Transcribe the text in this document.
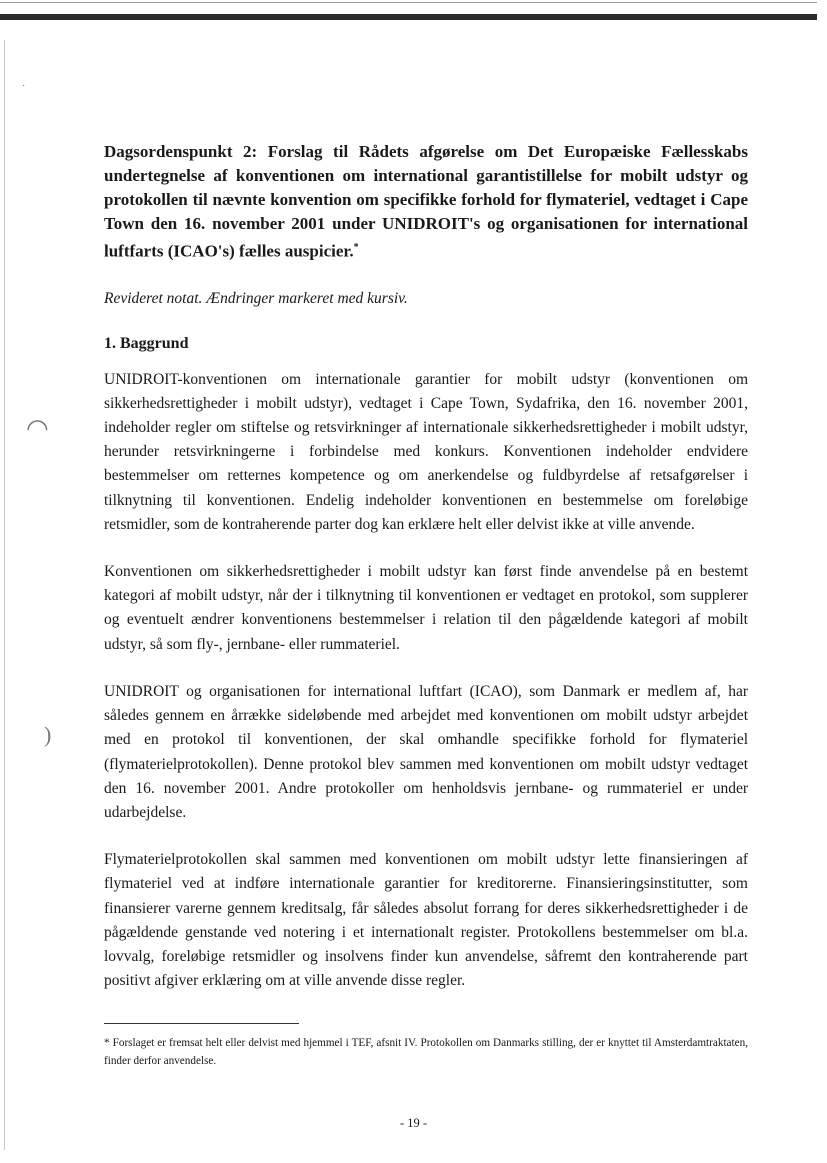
·
◠
)

Dagsordenspunkt 2: Forslag til Rådets afgørelse om Det Europæiske Fællesskabs undertegnelse af konventionen om international garantistillelse for mobilt udstyr og protokollen til nævnte konvention om specifikke forhold for flymateriel, vedtaget i Cape Town den 16. november 2001 under UNIDROIT's og organisationen for international luftfarts (ICAO's) fælles auspicier.*

Revideret notat. Ændringer markeret med kursiv.

1. Baggrund

UNIDROIT-konventionen om internationale garantier for mobilt udstyr (konventionen om sikkerhedsrettigheder i mobilt udstyr), vedtaget i Cape Town, Sydafrika, den 16. november 2001, indeholder regler om stiftelse og retsvirkninger af internationale sikkerhedsrettigheder i mobilt udstyr, herunder retsvirkningerne i forbindelse med konkurs. Konventionen indeholder endvidere bestemmelser om retternes kompetence og om anerkendelse og fuldbyrdelse af retsafgørelser i tilknytning til konventionen. Endelig indeholder konventionen en bestemmelse om foreløbige retsmidler, som de kontraherende parter dog kan erklære helt eller delvist ikke at ville anvende.

Konventionen om sikkerhedsrettigheder i mobilt udstyr kan først finde anvendelse på en bestemt kategori af mobilt udstyr, når der i tilknytning til konventionen er vedtaget en protokol, som supplerer og eventuelt ændrer konventionens bestemmelser i relation til den pågældende kategori af mobilt udstyr, så som fly-, jernbane- eller rummateriel.

UNIDROIT og organisationen for international luftfart (ICAO), som Danmark er medlem af, har således gennem en årrække sideløbende med arbejdet med konventionen om mobilt udstyr arbejdet med en protokol til konventionen, der skal omhandle specifikke forhold for flymateriel (flymaterielprotokollen). Denne protokol blev sammen med konventionen om mobilt udstyr vedtaget den 16. november 2001. Andre protokoller om henholdsvis jernbane- og rummateriel er under udarbejdelse.

Flymaterielprotokollen skal sammen med konventionen om mobilt udstyr lette finansieringen af flymateriel ved at indføre internationale garantier for kreditorerne. Finansieringsinstitutter, som finansierer varerne gennem kreditsalg, får således absolut forrang for deres sikkerhedsrettigheder i de pågældende genstande ved notering i et internationalt register. Protokollens bestemmelser om bl.a. lovvalg, foreløbige retsmidler og insolvens finder kun anvendelse, såfremt den kontraherende part positivt afgiver erklæring om at ville anvende disse regler.

* Forslaget er fremsat helt eller delvist med hjemmel i TEF, afsnit IV. Protokollen om Danmarks stilling, der er knyttet til Amsterdamtraktaten, finder derfor anvendelse.
- 19 -
